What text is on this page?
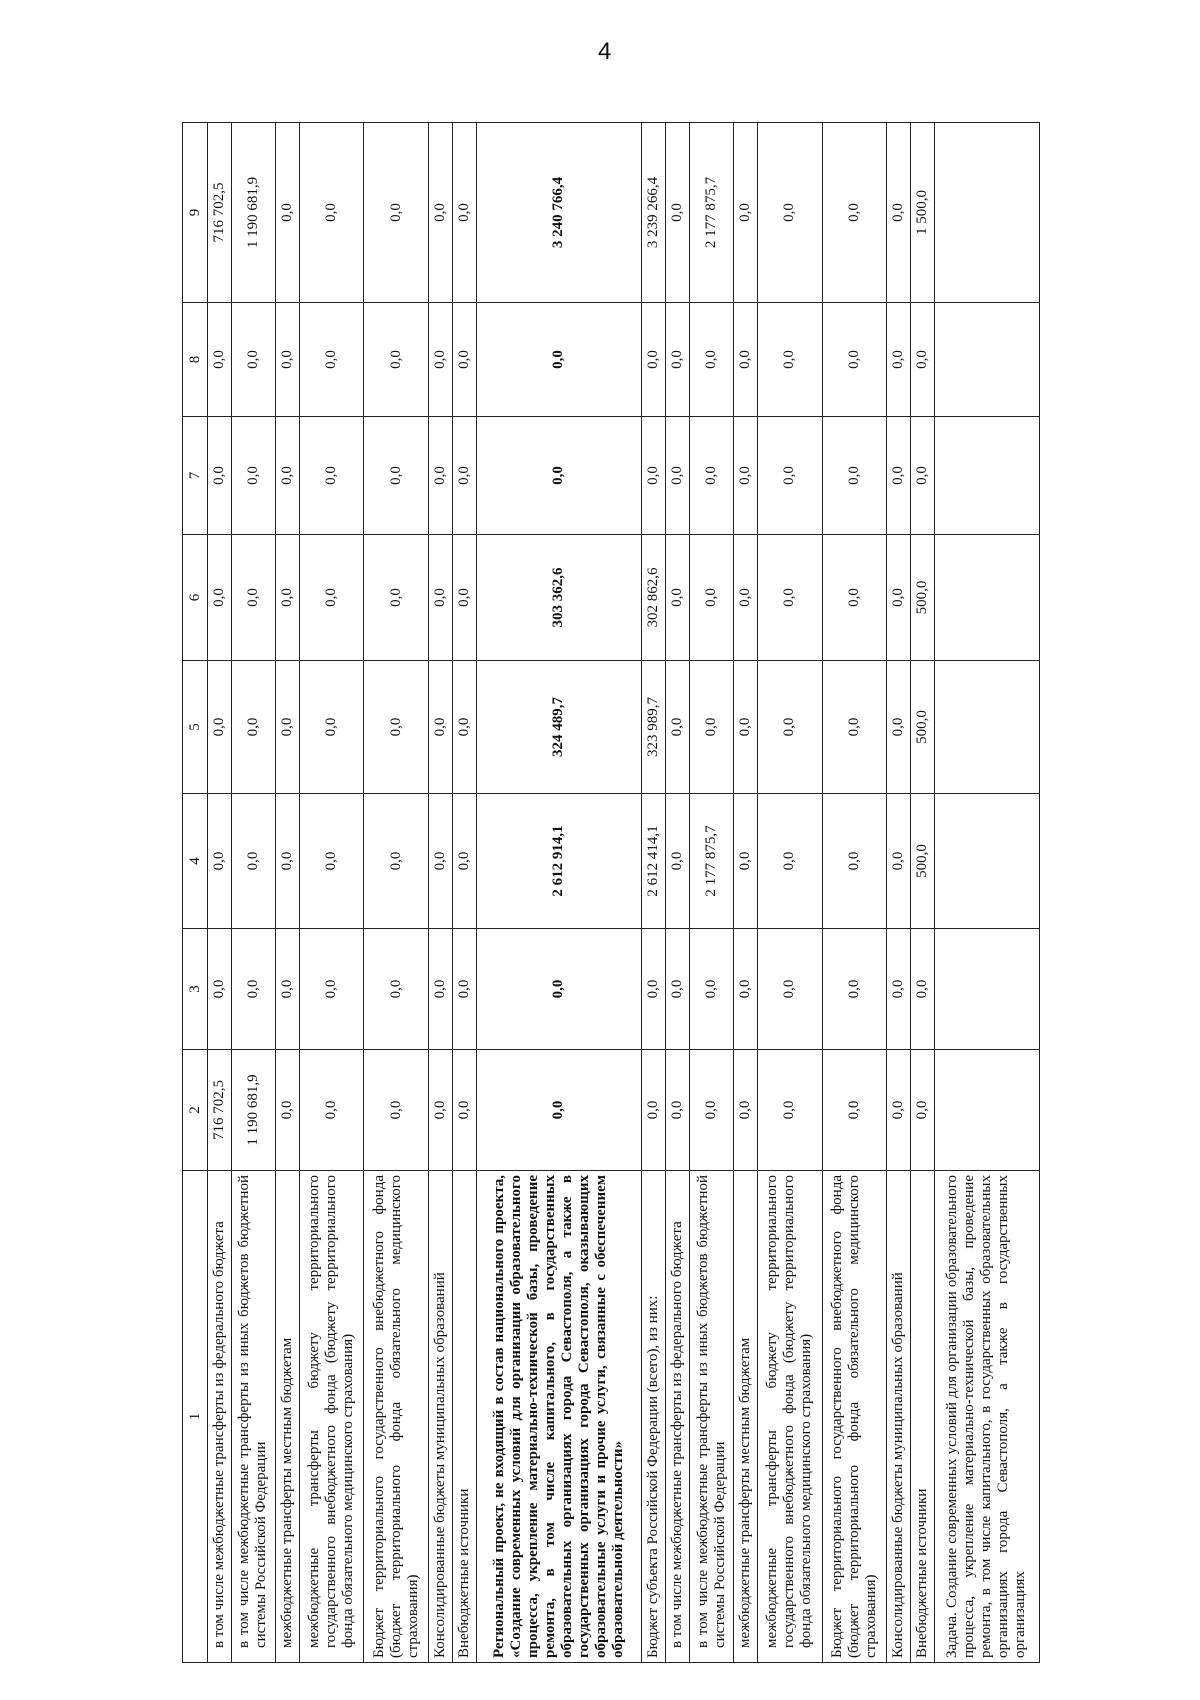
4
1	2	3	4	5	6	7	8	9
в том числе межбюджетные трансферты из федерального бюджета	716 702,5	0,0	0,0	0,0	0,0	0,0	0,0	716 702,5
в том числе межбюджетные трансферты из иных бюджетов бюджетной системы Российской Федерации	1 190 681,9	0,0	0,0	0,0	0,0	0,0	0,0	1 190 681,9
межбюджетные трансферты местным бюджетам	0,0	0,0	0,0	0,0	0,0	0,0	0,0	0,0
межбюджетные трансферты бюджету территориального государственного внебюджетного фонда (бюджету территориального фонда обязательного медицинского страхования)	0,0	0,0	0,0	0,0	0,0	0,0	0,0	0,0
Бюджет территориального государственного внебюджетного фонда (бюджет территориального фонда обязательного медицинского страхования)	0,0	0,0	0,0	0,0	0,0	0,0	0,0	0,0
Консолидированные бюджеты муниципальных образований	0,0	0,0	0,0	0,0	0,0	0,0	0,0	0,0
Внебюджетные источники	0,0	0,0	0,0	0,0	0,0	0,0	0,0	0,0
Региональный проект, не входящий в состав национального проекта, «Создание современных условий для организации образовательного процесса, укрепление материально-технической базы, проведение ремонта, в том числе капитального, в государственных образовательных организациях города Севастополя, а также в государственных организациях города Севастополя, оказывающих образовательные услуги и прочие услуги, связанные с обеспечением образовательной деятельности»	0,0	0,0	2 612 914,1	324 489,7	303 362,6	0,0	0,0	3 240 766,4
Бюджет субъекта Российской Федерации (всего), из них:	0,0	0,0	2 612 414,1	323 989,7	302 862,6	0,0	0,0	3 239 266,4
в том числе межбюджетные трансферты из федерального бюджета	0,0	0,0	0,0	0,0	0,0	0,0	0,0	0,0
в том числе межбюджетные трансферты из иных бюджетов бюджетной системы Российской Федерации	0,0	0,0	2 177 875,7	0,0	0,0	0,0	0,0	2 177 875,7
межбюджетные трансферты местным бюджетам	0,0	0,0	0,0	0,0	0,0	0,0	0,0	0,0
межбюджетные трансферты бюджету территориального государственного внебюджетного фонда (бюджету территориального фонда обязательного медицинского страхования)	0,0	0,0	0,0	0,0	0,0	0,0	0,0	0,0
Бюджет территориального государственного внебюджетного фонда (бюджет территориального фонда обязательного медицинского страхования)	0,0	0,0	0,0	0,0	0,0	0,0	0,0	0,0
Консолидированные бюджеты муниципальных образований	0,0	0,0	0,0	0,0	0,0	0,0	0,0	0,0
Внебюджетные источники	0,0	0,0	500,0	500,0	500,0	0,0	0,0	1 500,0
Задача. Создание современных условий для организации образовательного процесса, укрепление материально-технической базы, проведение ремонта, в том числе капитального, в государственных образовательных организациях города Севастополя, а также в государственных организациях								
